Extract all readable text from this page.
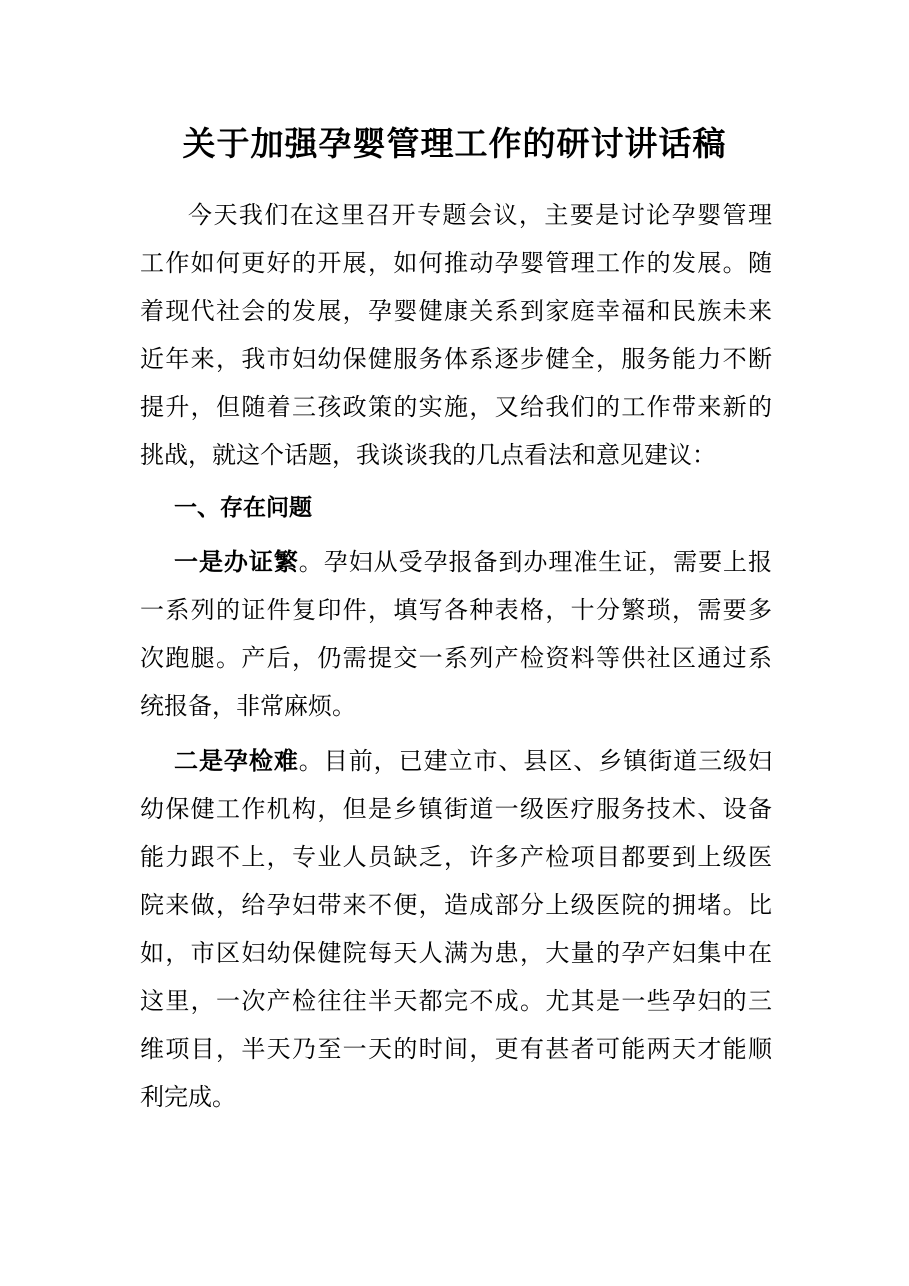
关于加强孕婴管理工作的研讨讲话稿
今天我们在这里召开专题会议，主要是讨论孕婴管理
工作如何更好的开展，如何推动孕婴管理工作的发展。随
着现代社会的发展，孕婴健康关系到家庭幸福和民族未来
近年来，我市妇幼保健服务体系逐步健全，服务能力不断
提升，但随着三孩政策的实施，又给我们的工作带来新的
挑战，就这个话题，我谈谈我的几点看法和意见建议：
一、存在问题
一是办证繁。孕妇从受孕报备到办理准生证，需要上报
一系列的证件复印件，填写各种表格，十分繁琐，需要多
次跑腿。产后，仍需提交一系列产检资料等供社区通过系
统报备，非常麻烦。
二是孕检难。目前，已建立市、县区、乡镇街道三级妇
幼保健工作机构，但是乡镇街道一级医疗服务技术、设备
能力跟不上，专业人员缺乏，许多产检项目都要到上级医
院来做，给孕妇带来不便，造成部分上级医院的拥堵。比
如，市区妇幼保健院每天人满为患，大量的孕产妇集中在
这里，一次产检往往半天都完不成。尤其是一些孕妇的三
维项目，半天乃至一天的时间，更有甚者可能两天才能顺
利完成。
